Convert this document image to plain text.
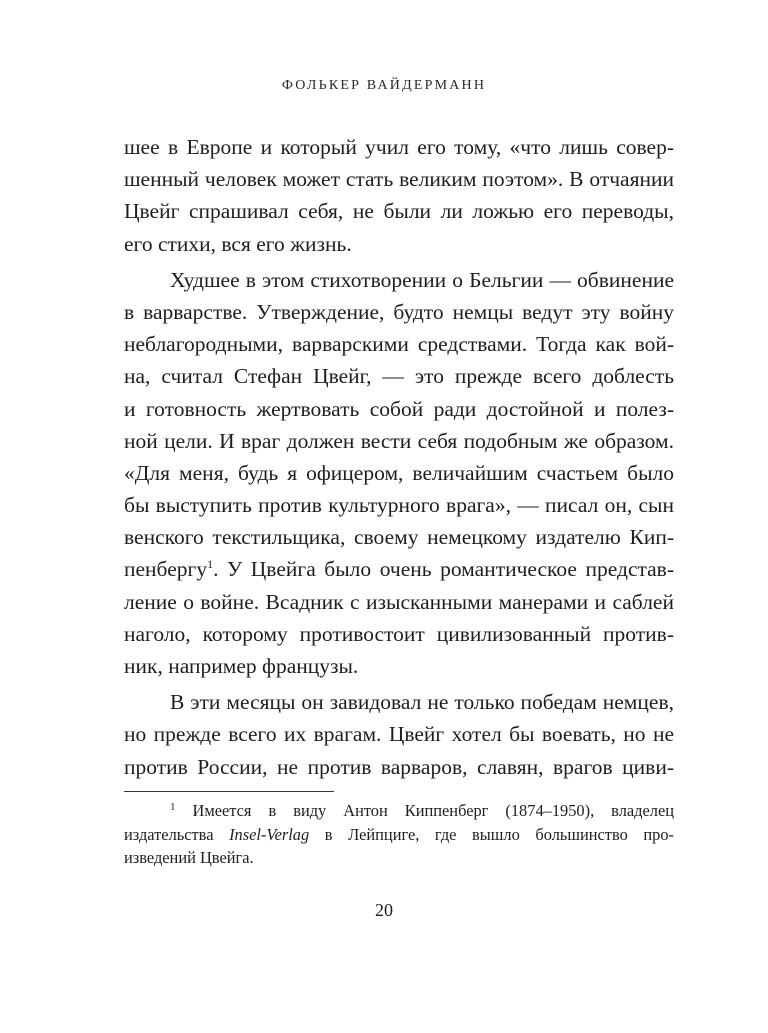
ФОЛЬКЕР ВАЙДЕРМАНН
шее в Европе и который учил его тому, «что лишь совер-
шенный человек может стать великим поэтом». В отчаянии
Цвейг спрашивал себя, не были ли ложью его переводы,
его стихи, вся его жизнь.
Худшее в этом стихотворении о Бельгии — обвинение
в варварстве. Утверждение, будто немцы ведут эту войну
неблагородными, варварскими средствами. Тогда как вой-
на, считал Стефан Цвейг, — это прежде всего доблесть
и готовность жертвовать собой ради достойной и полез-
ной цели. И враг должен вести себя подобным же образом.
«Для меня, будь я офицером, величайшим счастьем было
бы выступить против культурного врага», — писал он, сын
венского текстильщика, своему немецкому издателю Кип-
пенбергу$^1$. У Цвейга было очень романтическое представ-
ление о войне. Всадник с изысканными манерами и саблей
наголо, которому противостоит цивилизованный против-
ник, например французы.
В эти месяцы он завидовал не только победам немцев,
но прежде всего их врагам. Цвейг хотел бы воевать, но не
против России, не против варваров, славян, врагов циви-
$^1$ Имеется в виду Антон Киппенберг (1874–1950), владелец
издательства Insel-Verlag в Лейпциге, где вышло большинство про-
изведений Цвейга.
20
